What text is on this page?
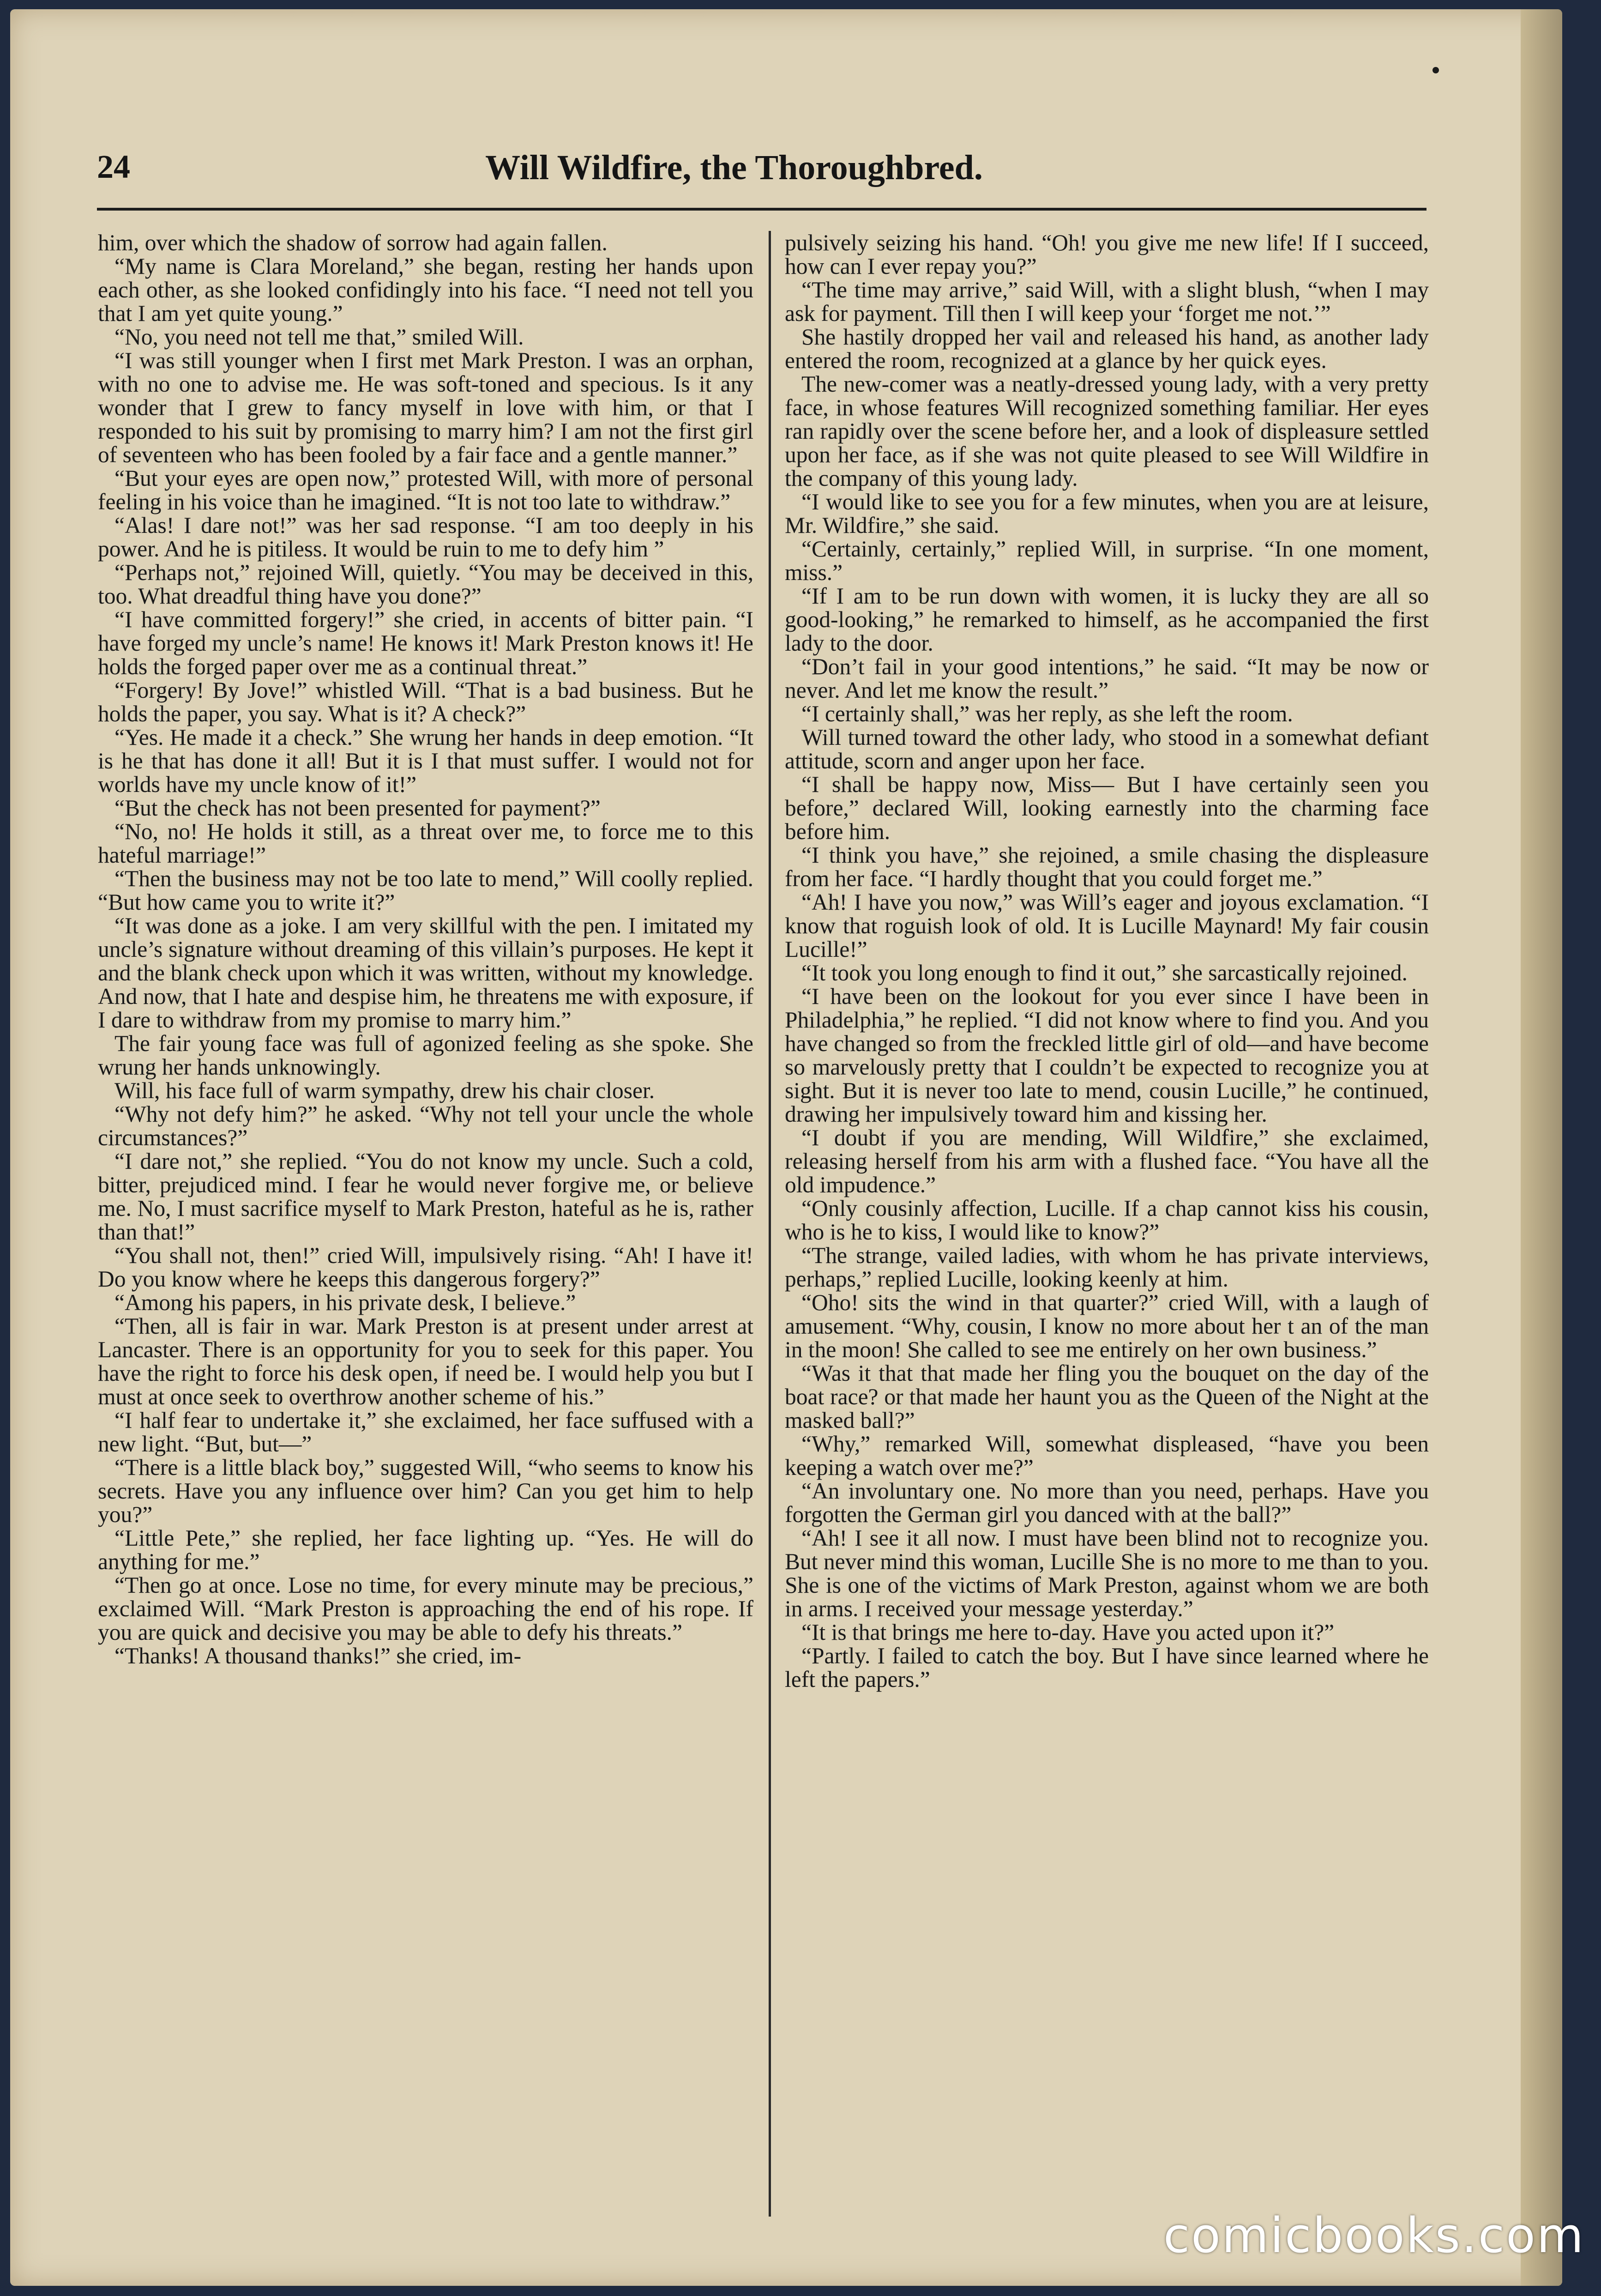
24	Will Wildfire, the Thoroughbred.

him, over which the shadow of sorrow had again fallen.

“My name is Clara Moreland,” she began, resting her hands upon each other, as she looked confidingly into his face. “I need not tell you that I am yet quite young.”

“No, you need not tell me that,” smiled Will.

“I was still younger when I first met Mark Preston. I was an orphan, with no one to advise me. He was soft-toned and specious. Is it any wonder that I grew to fancy myself in love with him, or that I responded to his suit by promising to marry him? I am not the first girl of seventeen who has been fooled by a fair face and a gentle manner.”

“But your eyes are open now,” protested Will, with more of personal feeling in his voice than he imagined. “It is not too late to withdraw.”

“Alas! I dare not!” was her sad response. “I am too deeply in his power. And he is pitiless. It would be ruin to me to defy him ”

“Perhaps not,” rejoined Will, quietly. “You may be deceived in this, too. What dreadful thing have you done?”

“I have committed forgery!” she cried, in accents of bitter pain. “I have forged my uncle’s name! He knows it! Mark Preston knows it! He holds the forged paper over me as a continual threat.”

“Forgery! By Jove!” whistled Will. “That is a bad business. But he holds the paper, you say. What is it? A check?”

“Yes. He made it a check.” She wrung her hands in deep emotion. “It is he that has done it all! But it is I that must suffer. I would not for worlds have my uncle know of it!”

“But the check has not been presented for payment?”

“No, no! He holds it still, as a threat over me, to force me to this hateful marriage!”

“Then the business may not be too late to mend,” Will coolly replied. “But how came you to write it?”

“It was done as a joke. I am very skillful with the pen. I imitated my uncle’s signature without dreaming of this villain’s purposes. He kept it and the blank check upon which it was written, without my knowledge. And now, that I hate and despise him, he threatens me with exposure, if I dare to withdraw from my promise to marry him.”

The fair young face was full of agonized feeling as she spoke. She wrung her hands unknowingly.

Will, his face full of warm sympathy, drew his chair closer.

“Why not defy him?” he asked. “Why not tell your uncle the whole circumstances?”

“I dare not,” she replied. “You do not know my uncle. Such a cold, bitter, prejudiced mind. I fear he would never forgive me, or believe me. No, I must sacrifice myself to Mark Preston, hateful as he is, rather than that!”

“You shall not, then!” cried Will, impulsively rising. “Ah! I have it! Do you know where he keeps this dangerous forgery?”

“Among his papers, in his private desk, I believe.”

“Then, all is fair in war. Mark Preston is at present under arrest at Lancaster. There is an opportunity for you to seek for this paper. You have the right to force his desk open, if need be. I would help you but I must at once seek to overthrow another scheme of his.”

“I half fear to undertake it,” she exclaimed, her face suffused with a new light. “But, but—”

“There is a little black boy,” suggested Will, “who seems to know his secrets. Have you any influence over him? Can you get him to help you?”

“Little Pete,” she replied, her face lighting up. “Yes. He will do anything for me.”

“Then go at once. Lose no time, for every minute may be precious,” exclaimed Will. “Mark Preston is approaching the end of his rope. If you are quick and decisive you may be able to defy his threats.”

“Thanks! A thousand thanks!” she cried, im-

pulsively seizing his hand. “Oh! you give me new life! If I succeed, how can I ever repay you?”

“The time may arrive,” said Will, with a slight blush, “when I may ask for payment. Till then I will keep your ‘forget me not.’”

She hastily dropped her vail and released his hand, as another lady entered the room, recognized at a glance by her quick eyes.

The new-comer was a neatly-dressed young lady, with a very pretty face, in whose features Will recognized something familiar. Her eyes ran rapidly over the scene before her, and a look of displeasure settled upon her face, as if she was not quite pleased to see Will Wildfire in the company of this young lady.

“I would like to see you for a few minutes, when you are at leisure, Mr. Wildfire,” she said.

“Certainly, certainly,” replied Will, in surprise. “In one moment, miss.”

“If I am to be run down with women, it is lucky they are all so good-looking,” he remarked to himself, as he accompanied the first lady to the door.

“Don’t fail in your good intentions,” he said. “It may be now or never. And let me know the result.”

“I certainly shall,” was her reply, as she left the room.

Will turned toward the other lady, who stood in a somewhat defiant attitude, scorn and anger upon her face.

“I shall be happy now, Miss— But I have certainly seen you before,” declared Will, looking earnestly into the charming face before him.

“I think you have,” she rejoined, a smile chasing the displeasure from her face. “I hardly thought that you could forget me.”

“Ah! I have you now,” was Will’s eager and joyous exclamation. “I know that roguish look of old. It is Lucille Maynard! My fair cousin Lucille!”

“It took you long enough to find it out,” she sarcastically rejoined.

“I have been on the lookout for you ever since I have been in Philadelphia,” he replied. “I did not know where to find you. And you have changed so from the freckled little girl of old—and have become so marvelously pretty that I couldn’t be expected to recognize you at sight. But it is never too late to mend, cousin Lucille,” he continued, drawing her impulsively toward him and kissing her.

“I doubt if you are mending, Will Wildfire,” she exclaimed, releasing herself from his arm with a flushed face. “You have all the old impudence.”

“Only cousinly affection, Lucille. If a chap cannot kiss his cousin, who is he to kiss, I would like to know?”

“The strange, vailed ladies, with whom he has private interviews, perhaps,” replied Lucille, looking keenly at him.

“Oho! sits the wind in that quarter?” cried Will, with a laugh of amusement. “Why, cousin, I know no more about her t an of the man in the moon! She called to see me entirely on her own business.”

“Was it that that made her fling you the bouquet on the day of the boat race? or that made her haunt you as the Queen of the Night at the masked ball?”

“Why,” remarked Will, somewhat displeased, “have you been keeping a watch over me?”

“An involuntary one. No more than you need, perhaps. Have you forgotten the German girl you danced with at the ball?”

“Ah! I see it all now. I must have been blind not to recognize you. But never mind this woman, Lucille She is no more to me than to you. She is one of the victims of Mark Preston, against whom we are both in arms. I received your message yesterday.”

“It is that brings me here to-day. Have you acted upon it?”

“Partly. I failed to catch the boy. But I have since learned where he left the papers.”

comicbooks.com
